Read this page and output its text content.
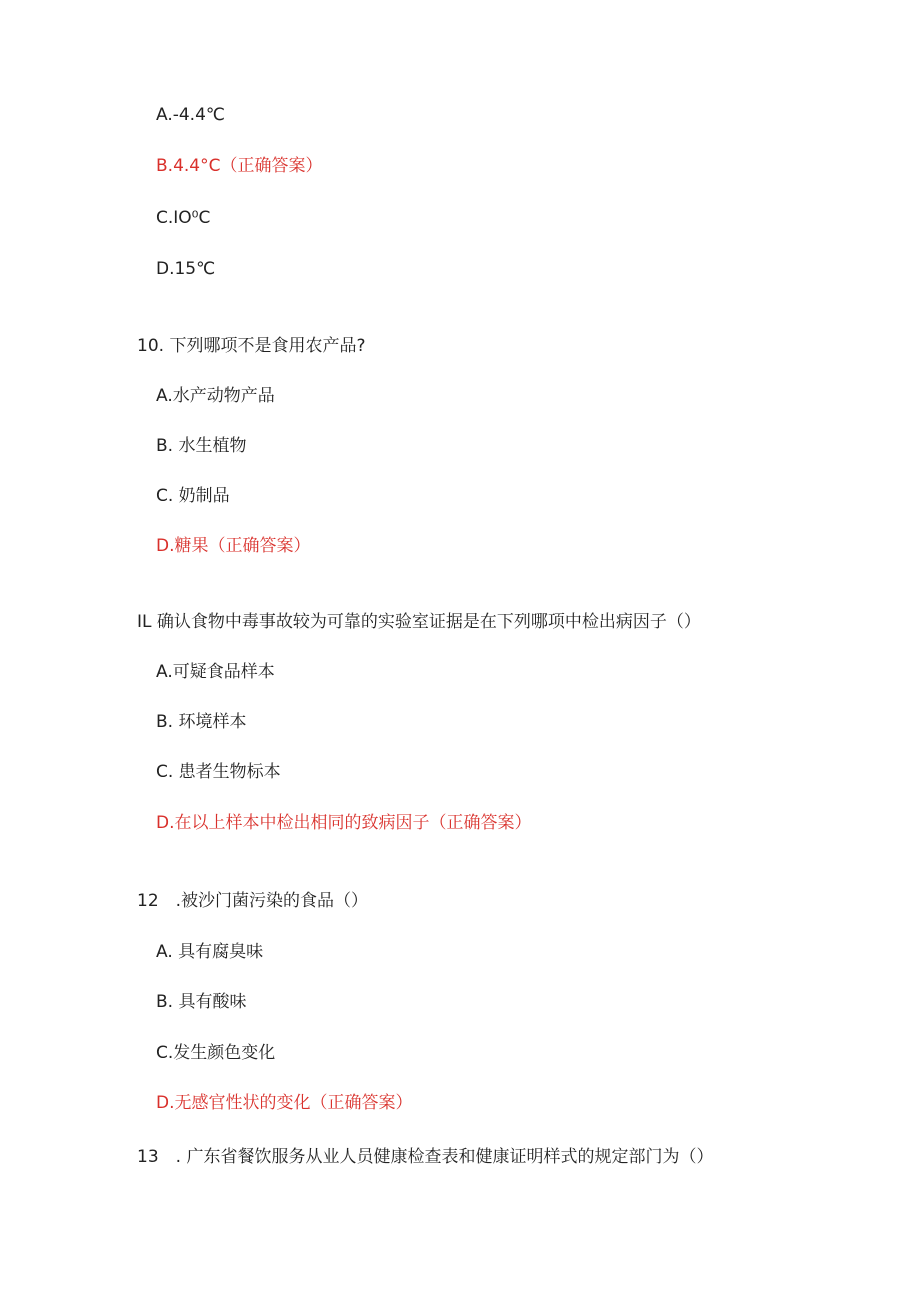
A.-4.4℃
B.4.4°C（正确答案）
C.IO⁰C
D.15℃
10. 下列哪项不是食用农产品?
A.水产动物产品
B. 水生植物
C. 奶制品
D.糖果（正确答案）
IL 确认食物中毒事故较为可靠的实验室证据是在下列哪项中检出病因子（）
A.可疑食品样本
B. 环境样本
C. 患者生物标本
D.在以上样本中检出相同的致病因子（正确答案）
12　.被沙门菌污染的食品（）
A. 具有腐臭味
B. 具有酸味
C.发生颜色变化
D.无感官性状的变化（正确答案）
13　. 广东省餐饮服务从业人员健康检查表和健康证明样式的规定部门为（）
